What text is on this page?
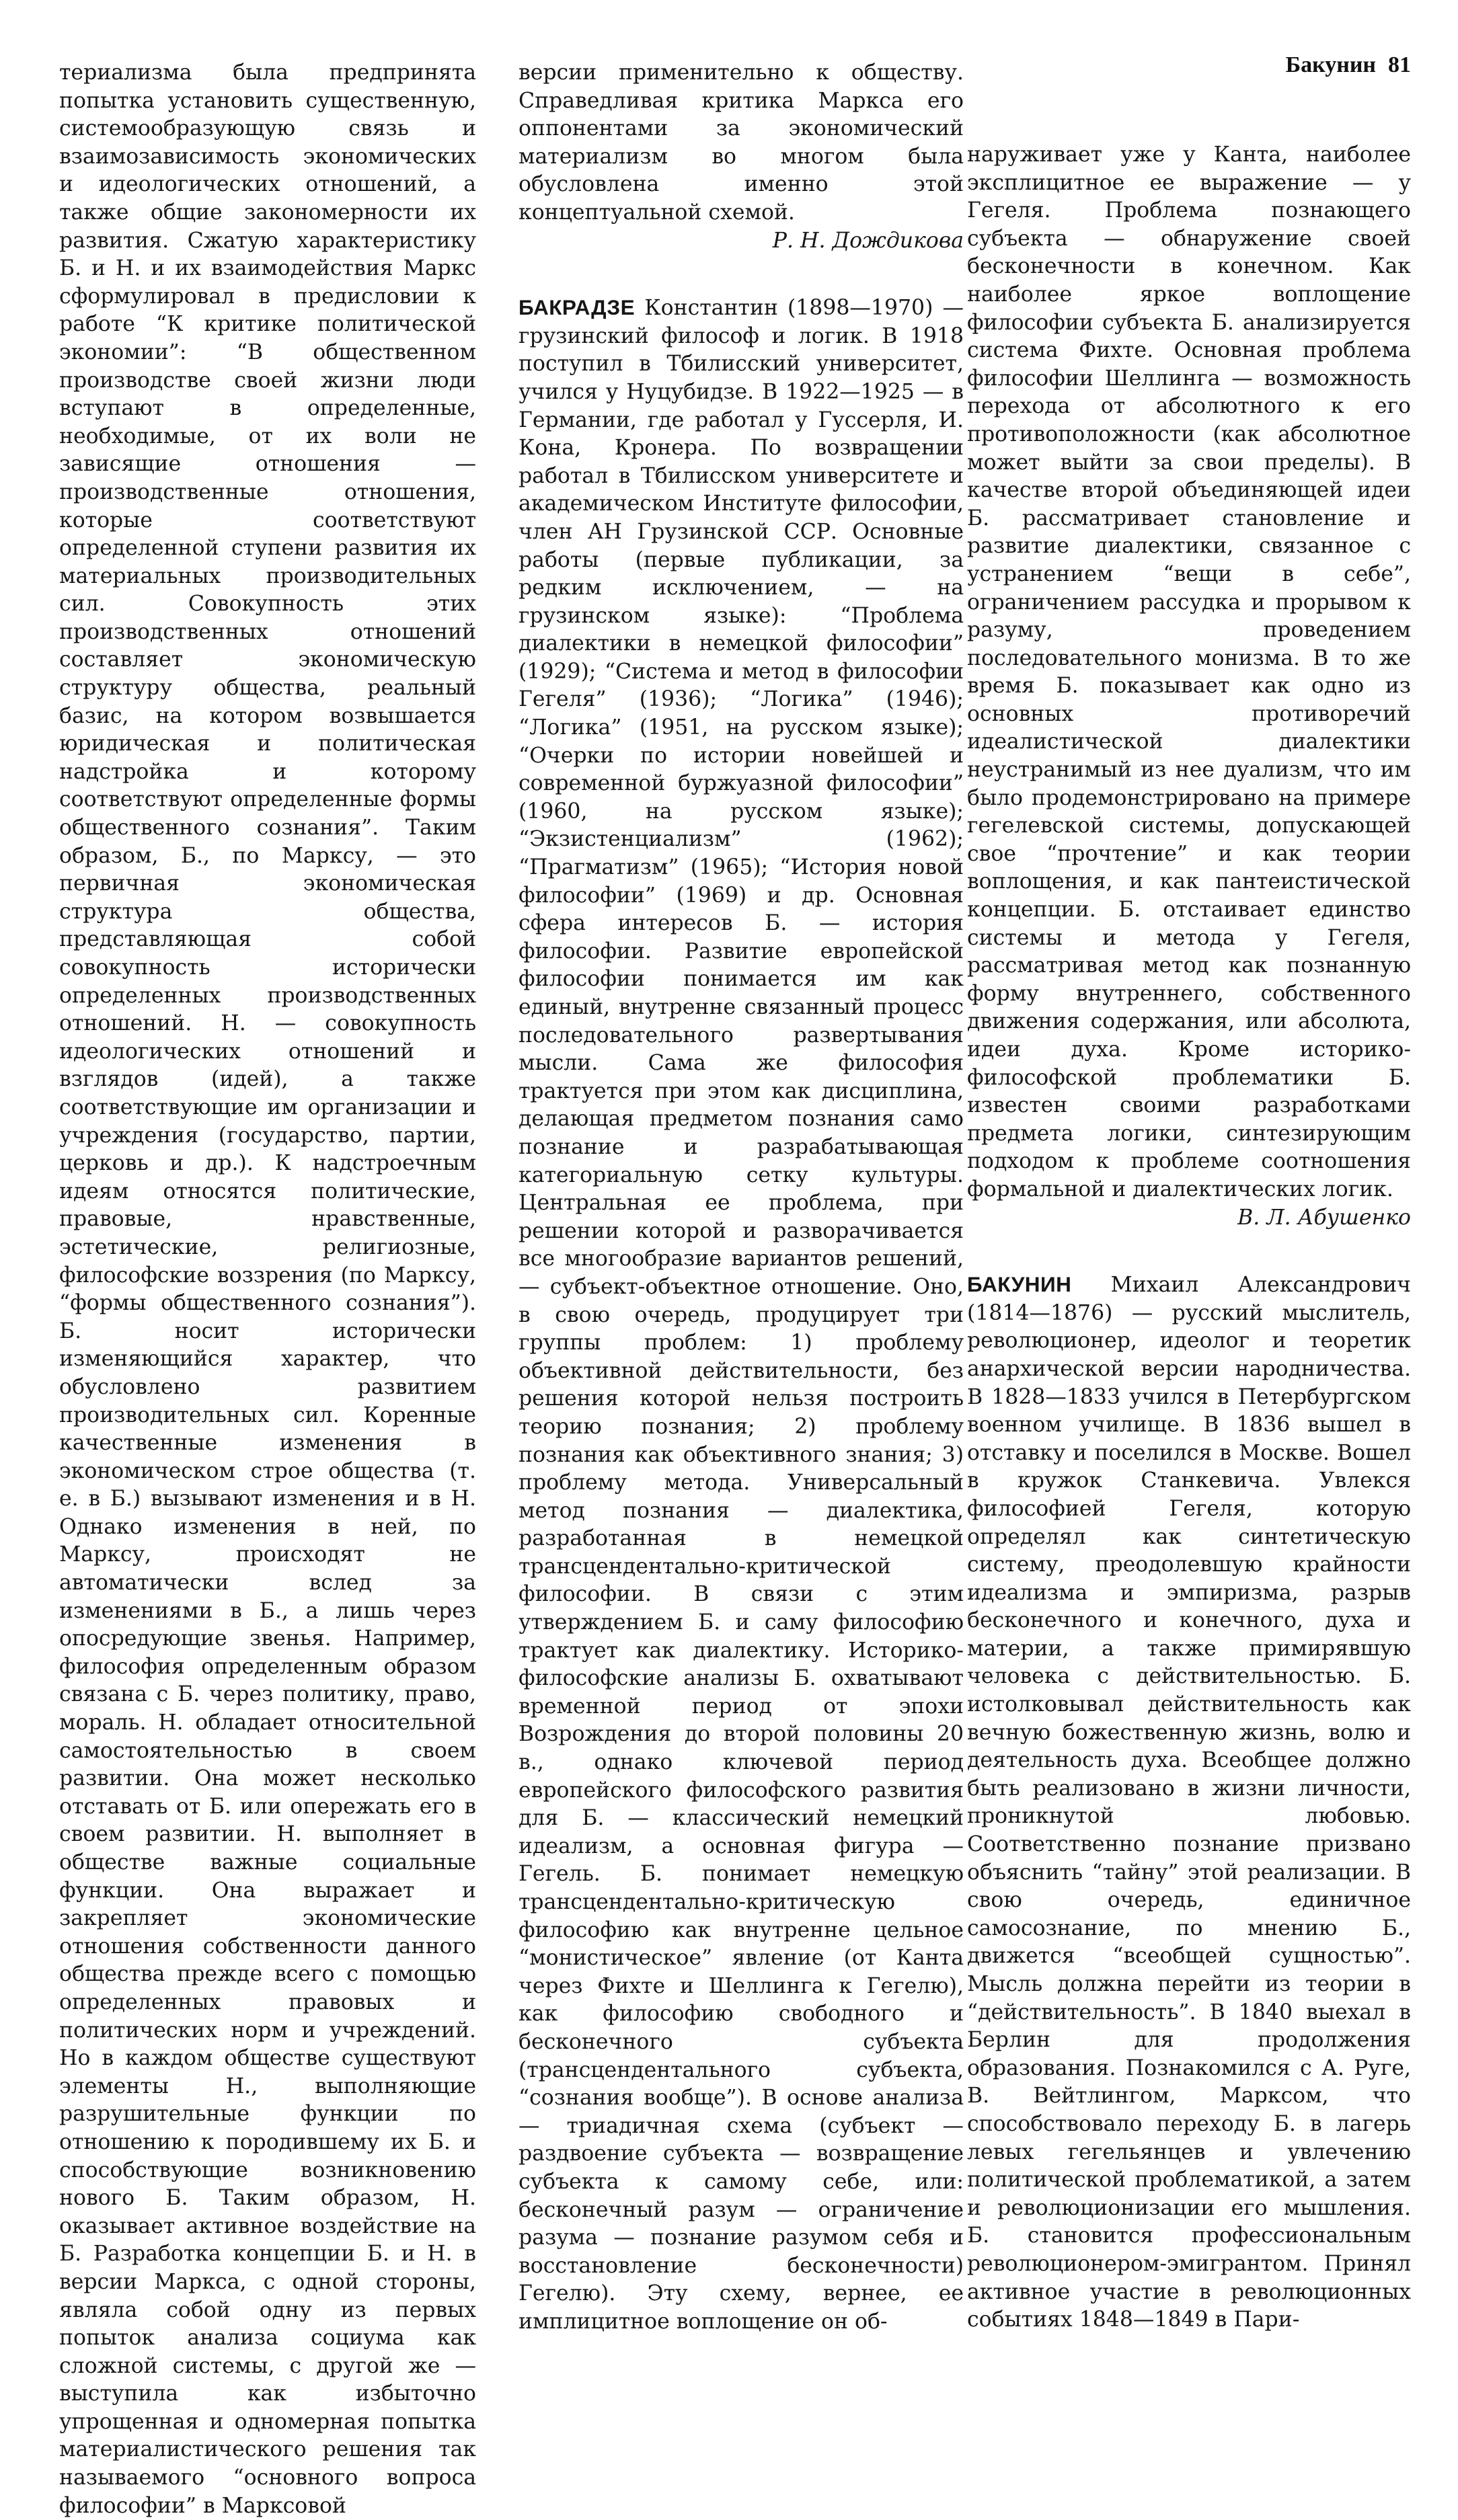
Бакунин 81

териализма была предпринята попытка установить существенную, системообразующую связь и взаимозависимость экономических и идеологических отношений, а также общие закономерности их развития. Сжатую характеристику Б. и Н. и их взаимодействия Маркс сформулировал в предисловии к работе “К критике политической экономии”: “В общественном производстве своей жизни люди вступают в определенные, необходимые, от их воли не зависящие отношения — производственные отношения, которые соответствуют определенной ступени развития их материальных производительных сил. Совокупность этих производственных отношений составляет экономическую структуру общества, реальный базис, на котором возвышается юридическая и политическая надстройка и которому соответствуют определенные формы общественного сознания”. Таким образом, Б., по Марксу, — это первичная экономическая структура общества, представляющая собой совокупность исторически определенных производственных отношений. Н. — совокупность идеологических отношений и взглядов (идей), а также соответствующие им организации и учреждения (государство, партии, церковь и др.). К надстроечным идеям относятся политические, правовые, нравственные, эстетические, религиозные, философские воззрения (по Марксу, “формы общественного сознания”). Б. носит исторически изменяющийся характер, что обусловлено развитием производительных сил. Коренные качественные изменения в экономическом строе общества (т. е. в Б.) вызывают изменения и в Н. Однако изменения в ней, по Марксу, происходят не автоматически вслед за изменениями в Б., а лишь через опосредующие звенья. Например, философия определенным образом связана с Б. через политику, право, мораль. Н. обладает относительной самостоятельностью в своем развитии. Она может несколько отставать от Б. или опережать его в своем развитии. Н. выполняет в обществе важные социальные функции. Она выражает и закрепляет экономические отношения собственности данного общества прежде всего с помощью определенных правовых и политических норм и учреждений. Но в каждом обществе существуют элементы Н., выполняющие разрушительные функции по отношению к породившему их Б. и способствующие возникновению нового Б. Таким образом, Н. оказывает активное воздействие на Б. Разработка концепции Б. и Н. в версии Маркса, с одной стороны, являла собой одну из первых попыток анализа социума как сложной системы, с другой же — выступила как избыточно упрощенная и одномерная попытка материалистического решения так называемого “основного вопроса философии” в Марксовой

версии применительно к обществу. Справедливая критика Маркса его оппонентами за экономический материализм во многом была обусловлена именно этой концептуальной схемой.

Р. Н. Дождикова

БАКРАДЗЕ Константин (1898—1970) — грузинский философ и логик. В 1918 поступил в Тбилисский университет, учился у Нуцубидзе. В 1922—1925 — в Германии, где работал у Гуссерля, И. Кона, Кронера. По возвращении работал в Тбилисском университете и академическом Институте философии, член АН Грузинской ССР. Основные работы (первые публикации, за редким исключением, — на грузинском языке): “Проблема диалектики в немецкой философии” (1929); “Система и метод в философии Гегеля” (1936); “Логика” (1946); “Логика” (1951, на русском языке); “Очерки по истории новейшей и современной буржуазной философии” (1960, на русском языке); “Экзистенциализм” (1962); “Прагматизм” (1965); “История новой философии” (1969) и др. Основная сфера интересов Б. — история философии. Развитие европейской философии понимается им как единый, внутренне связанный процесс последовательного развертывания мысли. Сама же философия трактуется при этом как дисциплина, делающая предметом познания само познание и разрабатывающая категориальную сетку культуры. Центральная ее проблема, при решении которой и разворачивается все многообразие вариантов решений, — субъект-объектное отношение. Оно, в свою очередь, продуцирует три группы проблем: 1) проблему объективной действительности, без решения которой нельзя построить теорию познания; 2) проблему познания как объективного знания; 3) проблему метода. Универсальный метод познания — диалектика, разработанная в немецкой трансцендентально-критической философии. В связи с этим утверждением Б. и саму философию трактует как диалектику. Историко-философские анализы Б. охватывают временной период от эпохи Возрождения до второй половины 20 в., однако ключевой период европейского философского развития для Б. — классический немецкий идеализм, а основная фигура — Гегель. Б. понимает немецкую трансцендентально-критическую философию как внутренне цельное “монистическое” явление (от Канта через Фихте и Шеллинга к Гегелю), как философию свободного и бесконечного субъекта (трансцендентального субъекта, “сознания вообще”). В основе анализа — триадичная схема (субъект — раздвоение субъекта — возвращение субъекта к самому себе, или: бесконечный разум — ограничение разума — познание разумом себя и восстановление бесконечности) Гегелю). Эту схему, вернее, ее имплицитное воплощение он об-

наруживает уже у Канта, наиболее эксплицитное ее выражение — у Гегеля. Проблема познающего субъекта — обнаружение своей бесконечности в конечном. Как наиболее яркое воплощение философии субъекта Б. анализируется система Фихте. Основная проблема философии Шеллинга — возможность перехода от абсолютного к его противоположности (как абсолютное может выйти за свои пределы). В качестве второй объединяющей идеи Б. рассматривает становление и развитие диалектики, связанное с устранением “вещи в себе”, ограничением рассудка и прорывом к разуму, проведением последовательного монизма. В то же время Б. показывает как одно из основных противоречий идеалистической диалектики неустранимый из нее дуализм, что им было продемонстрировано на примере гегелевской системы, допускающей свое “прочтение” и как теории воплощения, и как пантеистической концепции. Б. отстаивает единство системы и метода у Гегеля, рассматривая метод как познанную форму внутреннего, собственного движения содержания, или абсолюта, идеи духа. Кроме историко-философской проблематики Б. известен своими разработками предмета логики, синтезирующим подходом к проблеме соотношения формальной и диалектических логик.

В. Л. Абушенко

БАКУНИН Михаил Александрович (1814—1876) — русский мыслитель, революционер, идеолог и теоретик анархической версии народничества. В 1828—1833 учился в Петербургском военном училище. В 1836 вышел в отставку и поселился в Москве. Вошел в кружок Станкевича. Увлекся философией Гегеля, которую определял как синтетическую систему, преодолевшую крайности идеализма и эмпиризма, разрыв бесконечного и конечного, духа и материи, а также примирявшую человека с действительностью. Б. истолковывал действительность как вечную божественную жизнь, волю и деятельность духа. Всеобщее должно быть реализовано в жизни личности, проникнутой любовью. Соответственно познание призвано объяснить “тайну” этой реализации. В свою очередь, единичное самосознание, по мнению Б., движется “всеобщей сущностью”. Мысль должна перейти из теории в “действительность”. В 1840 выехал в Берлин для продолжения образования. Познакомился с А. Руге, В. Вейтлингом, Марксом, что способствовало переходу Б. в лагерь левых гегельянцев и увлечению политической проблематикой, а затем и революционизации его мышления. Б. становится профессиональным революционером-эмигрантом. Принял активное участие в революционных событиях 1848—1849 в Пари-
